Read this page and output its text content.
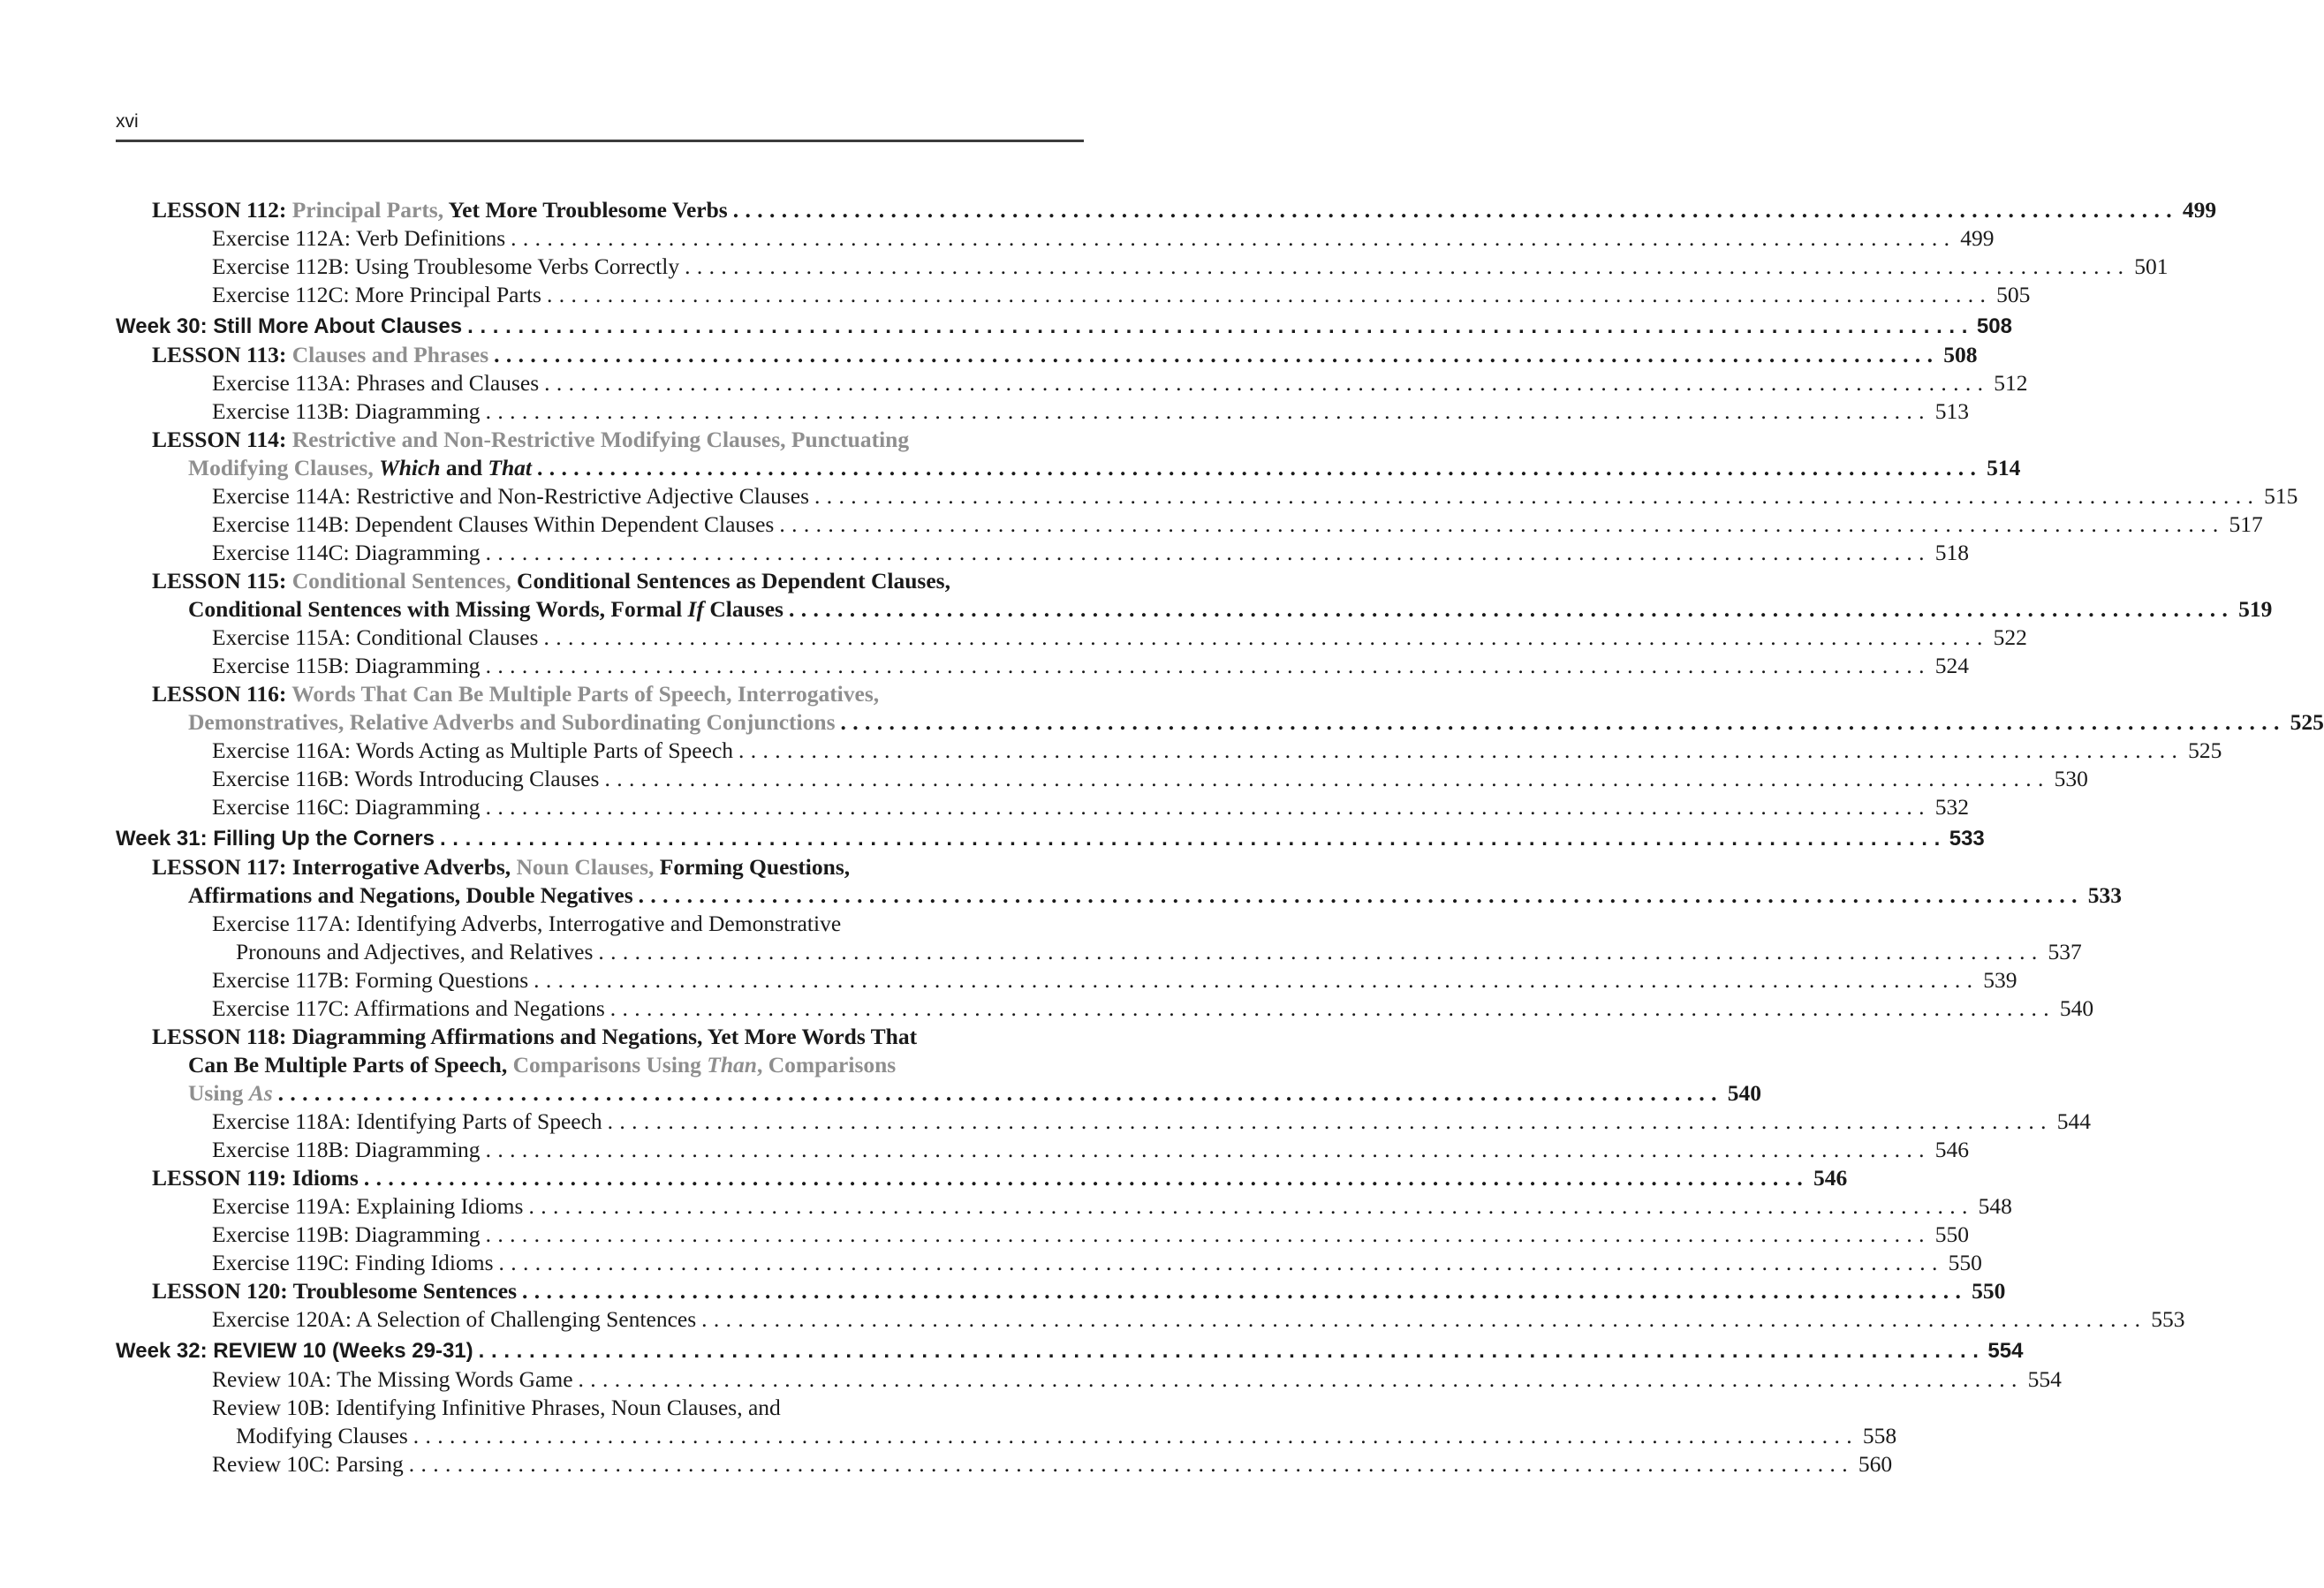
xvi
LESSON 112: Principal Parts, Yet More Troublesome Verbs . . .	499
Exercise 112A: Verb Definitions . . .	499
Exercise 112B: Using Troublesome Verbs Correctly . . .	501
Exercise 112C: More Principal Parts . . .	505
Week 30: Still More About Clauses . . .	508
LESSON 113: Clauses and Phrases . . .	508
Exercise 113A: Phrases and Clauses . . .	512
Exercise 113B: Diagramming . . .	513
LESSON 114: Restrictive and Non-Restrictive Modifying Clauses, Punctuating
Modifying Clauses, Which and That . . .	514
Exercise 114A: Restrictive and Non-Restrictive Adjective Clauses . . .	515
Exercise 114B: Dependent Clauses Within Dependent Clauses . . .	517
Exercise 114C: Diagramming . . .	518
LESSON 115: Conditional Sentences, Conditional Sentences as Dependent Clauses,
Conditional Sentences with Missing Words, Formal If Clauses . . .	519
Exercise 115A: Conditional Clauses . . .	522
Exercise 115B: Diagramming . . .	524
LESSON 116: Words That Can Be Multiple Parts of Speech, Interrogatives,
Demonstratives, Relative Adverbs and Subordinating Conjunctions . . .	525
Exercise 116A: Words Acting as Multiple Parts of Speech . . .	525
Exercise 116B: Words Introducing Clauses . . .	530
Exercise 116C: Diagramming . . .	532
Week 31: Filling Up the Corners . . .	533
LESSON 117: Interrogative Adverbs, Noun Clauses, Forming Questions,
Affirmations and Negations, Double Negatives . . .	533
Exercise 117A: Identifying Adverbs, Interrogative and Demonstrative
Pronouns and Adjectives, and Relatives . . .	537
Exercise 117B: Forming Questions . . .	539
Exercise 117C: Affirmations and Negations . . .	540
LESSON 118: Diagramming Affirmations and Negations, Yet More Words That
Can Be Multiple Parts of Speech, Comparisons Using Than, Comparisons
Using As . . .	540
Exercise 118A: Identifying Parts of Speech . . .	544
Exercise 118B: Diagramming . . .	546
LESSON 119: Idioms . . .	546
Exercise 119A: Explaining Idioms . . .	548
Exercise 119B: Diagramming . . .	550
Exercise 119C: Finding Idioms . . .	550
LESSON 120: Troublesome Sentences . . .	550
Exercise 120A: A Selection of Challenging Sentences . . .	553
Week 32: REVIEW 10 (Weeks 29-31) . . .	554
Review 10A: The Missing Words Game . . .	554
Review 10B: Identifying Infinitive Phrases, Noun Clauses, and
Modifying Clauses . . .	558
Review 10C: Parsing . . .	560
